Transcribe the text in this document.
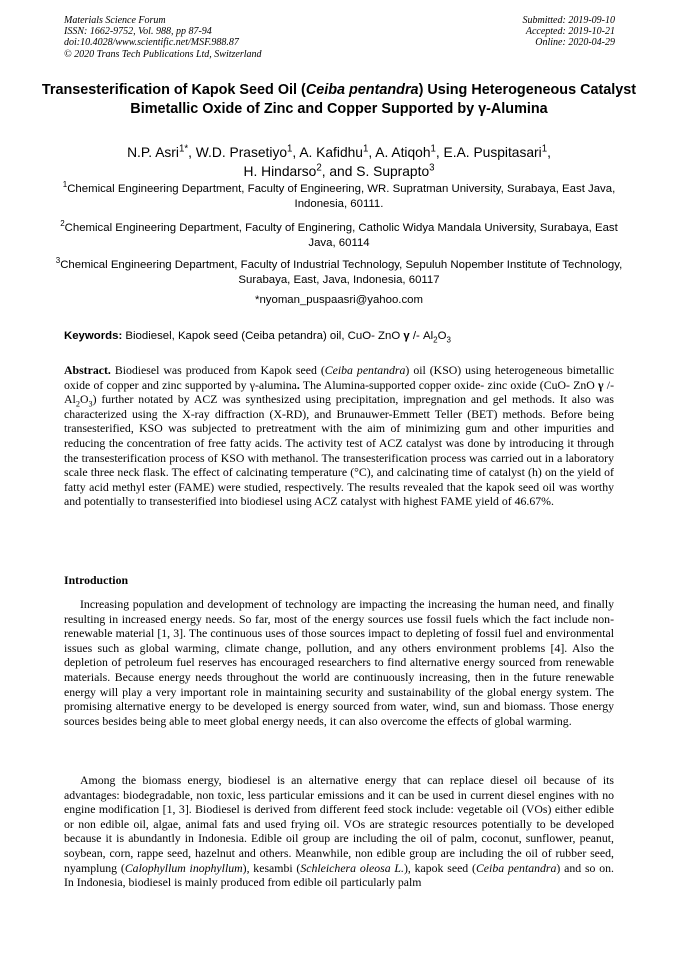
Materials Science Forum
ISSN: 1662-9752, Vol. 988, pp 87-94
doi:10.4028/www.scientific.net/MSF.988.87
© 2020 Trans Tech Publications Ltd, Switzerland
Submitted: 2019-09-10
Accepted: 2019-10-21
Online: 2020-04-29
Transesterification of Kapok Seed Oil (Ceiba pentandra) Using Heterogeneous Catalyst Bimetallic Oxide of Zinc and Copper Supported by γ-Alumina
N.P. Asri$^{1*}$, W.D. Prasetiyo$^1$, A. Kafidhu$^1$, A. Atiqoh$^1$, E.A. Puspitasari$^1$,
H. Hindarso$^2$, and S. Suprapto$^3$
$^1$Chemical Engineering Department, Faculty of Engineering, WR. Supratman University, Surabaya, East Java, Indonesia, 60111.
$^2$Chemical Engineering Department, Faculty of Enginering, Catholic Widya Mandala University, Surabaya, East Java, 60114
$^3$Chemical Engineering Department, Faculty of Industrial Technology, Sepuluh Nopember Institute of Technology, Surabaya, East, Java, Indonesia, 60117
*nyoman_puspaasri@yahoo.com
Keywords: Biodiesel, Kapok seed (Ceiba petandra) oil, CuO- ZnO γ /- $Al_2O_3$
Abstract. Biodiesel was produced from Kapok seed (Ceiba pentandra) oil (KSO) using heterogeneous bimetallic oxide of copper and zinc supported by γ-alumina. The Alumina-supported copper oxide- zinc oxide (CuO- ZnO γ /- $Al_2O_3$) further notated by ACZ was synthesized using precipitation, impregnation and gel methods. It also was characterized using the X-ray diffraction (X-RD), and Brunauwer-Emmett Teller (BET) methods. Before being transesterified, KSO was subjected to pretreatment with the aim of minimizing gum and other impurities and reducing the concentration of free fatty acids. The activity test of ACZ catalyst was done by introducing it through the transesterification process of KSO with methanol. The transesterification process was carried out in a laboratory scale three neck flask. The effect of calcinating temperature (°C), and calcinating time of catalyst (h) on the yield of fatty acid methyl ester (FAME) were studied, respectively. The results revealed that the kapok seed oil was worthy and potentially to transesterified into biodiesel using ACZ catalyst with highest FAME yield of 46.67%.
Introduction
Increasing population and development of technology are impacting the increasing the human need, and finally resulting in increased energy needs. So far, most of the energy sources use fossil fuels which the fact include non-renewable material [1, 3]. The continuous uses of those sources impact to depleting of fossil fuel and environmental issues such as global warming, climate change, pollution, and any others environment problems [4]. Also the depletion of petroleum fuel reserves has encouraged researchers to find alternative energy sourced from renewable materials. Because energy needs throughout the world are continuously increasing, then in the future renewable energy will play a very important role in maintaining security and sustainability of the global energy system. The promising alternative energy to be developed is energy sourced from water, wind, sun and biomass. Those energy sources besides being able to meet global energy needs, it can also overcome the effects of global warming.
Among the biomass energy, biodiesel is an alternative energy that can replace diesel oil because of its advantages: biodegradable, non toxic, less particular emissions and it can be used in current diesel engines with no engine modification [1, 3]. Biodiesel is derived from different feed stock include: vegetable oil (VOs) either edible or non edible oil, algae, animal fats and used frying oil. VOs are strategic resources potentially to be developed because it is abundantly in Indonesia. Edible oil group are including the oil of palm, coconut, sunflower, peanut, soybean, corn, rappe seed, hazelnut and others. Meanwhile, non edible group are including the oil of rubber seed, nyamplung (Calophyllum inophyllum), kesambi (Schleichera oleosa L.), kapok seed (Ceiba pentandra) and so on. In Indonesia, biodiesel is mainly produced from edible oil particularly palm
